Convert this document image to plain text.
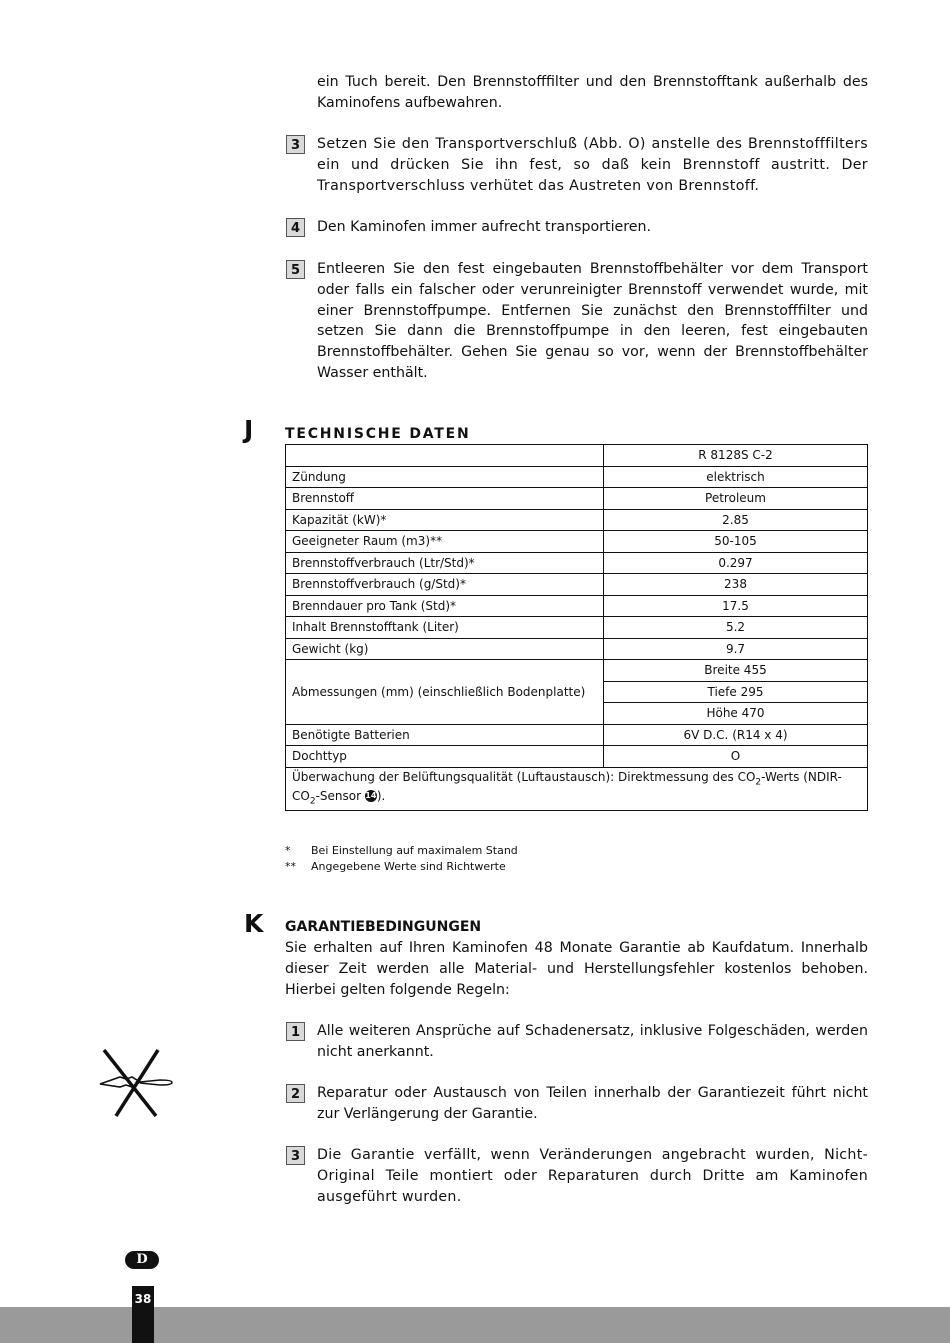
ein Tuch bereit. Den Brennstofffilter und den Brennstofftank außerhalb des Kaminofens aufbewahren.
3	Setzen Sie den Transportverschluß (Abb. O) anstelle des Brennstofffilters ein und drücken Sie ihn fest, so daß kein Brennstoff austritt. Der Transportverschluss verhütet das Austreten von Brennstoff.
4	Den Kaminofen immer aufrecht transportieren.
5	Entleeren Sie den fest eingebauten Brennstoffbehälter vor dem Transport oder falls ein falscher oder verunreinigter Brennstoff verwendet wurde, mit einer Brennstoffpumpe. Entfernen Sie zunächst den Brennstofffilter und setzen Sie dann die Brennstoffpumpe in den leeren, fest eingebauten Brennstoffbehälter. Gehen Sie genau so vor, wenn der Brennstoffbehälter Wasser enthält.
J TECHNISCHE DATEN
	R 8128S C-2
Zündung	elektrisch
Brennstoff	Petroleum
Kapazität (kW)*	2.85
Geeigneter Raum (m3)**	50-105
Brennstoffverbrauch (Ltr/Std)*	0.297
Brennstoffverbrauch (g/Std)*	238
Brenndauer pro Tank (Std)*	17.5
Inhalt Brennstofftank (Liter)	5.2
Gewicht (kg)	9.7
Abmessungen (mm) (einschließlich Bodenplatte)	Breite 455
	Tiefe 295
	Höhe 470
Benötigte Batterien	6V D.C. (R14 x 4)
Dochttyp	O
Überwachung der Belüftungsqualität (Luftaustausch): Direktmessung des $CO_2$-Werts (NDIR-
$CO_2$-Sensor 14).	
* Bei Einstellung auf maximalem Stand
** Angegebene Werte sind Richtwerte
K GARANTIEBEDINGUNGEN
Sie erhalten auf Ihren Kaminofen 48 Monate Garantie ab Kaufdatum. Innerhalb dieser Zeit werden alle Material- und Herstellungsfehler kostenlos behoben. Hierbei gelten folgende Regeln:
1	Alle weiteren Ansprüche auf Schadenersatz, inklusive Folgeschäden, werden nicht anerkannt.
2	Reparatur oder Austausch von Teilen innerhalb der Garantiezeit führt nicht zur Verlängerung der Garantie.
3	Die Garantie verfällt, wenn Veränderungen angebracht wurden, Nicht-Original Teile montiert oder Reparaturen durch Dritte am Kaminofen ausgeführt wurden.
D
38
